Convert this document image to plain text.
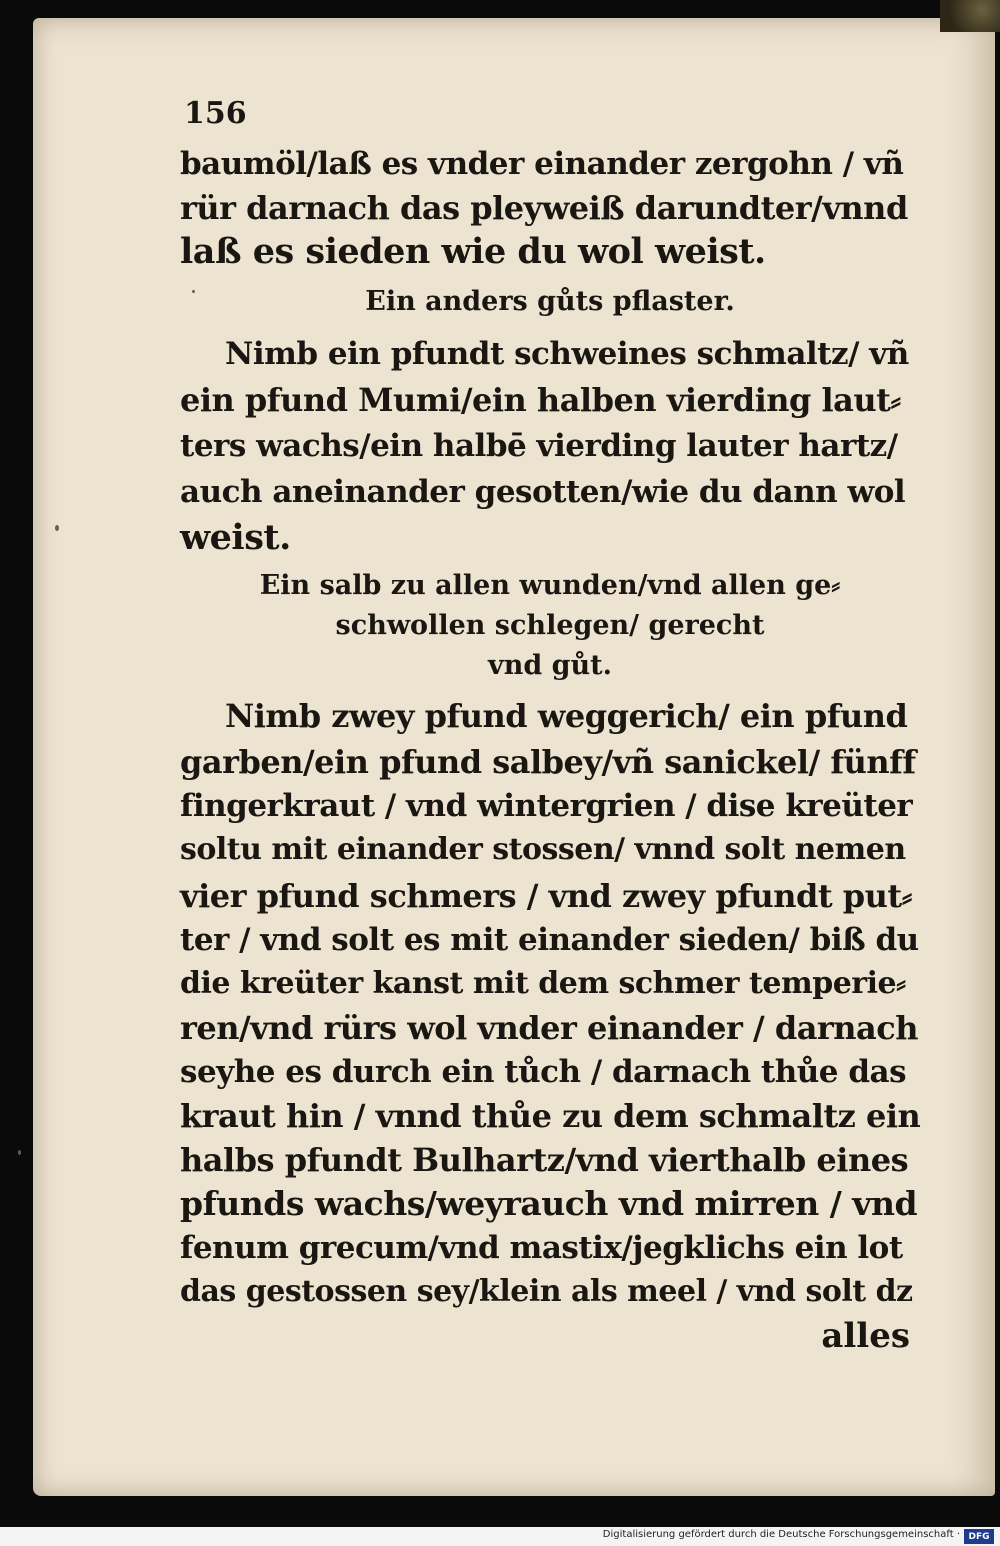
156
baumöl/laß es vnder einander zergohn / vñ
rür darnach das pleyweiß darundter/vnnd
laß es sieden wie du wol weist.
Ein anders gůts pflaster.
Nimb ein pfundt schweines schmaltz/ vñ
ein pfund Mumi/ein halben vierding laut⸗
ters wachs/ein halbē vierding lauter hartz/
auch aneinander gesotten/wie du dann wol
weist.
Ein salb zu allen wunden/vnd allen ge⸗
schwollen schlegen/ gerecht
vnd gůt.
Nimb zwey pfund weggerich/ ein pfund
garben/ein pfund salbey/vñ sanickel/ fünff
fingerkraut / vnd wintergrien / dise kreüter
soltu mit einander stossen/ vnnd solt nemen
vier pfund schmers / vnd zwey pfundt put⸗
ter / vnd solt es mit einander sieden/ biß du
die kreüter kanst mit dem schmer temperie⸗
ren/vnd rürs wol vnder einander / darnach
seyhe es durch ein tůch / darnach thůe das
kraut hin / vnnd thůe zu dem schmaltz ein
halbs pfundt Bulhartz/vnd vierthalb eines
pfunds wachs/weyrauch vnd mirren / vnd
fenum grecum/vnd mastix/jegklichs ein lot
das gestossen sey/klein als meel / vnd solt dz
alles
Digitalisierung gefördert durch die Deutsche Forschungsgemeinschaft · DFG
